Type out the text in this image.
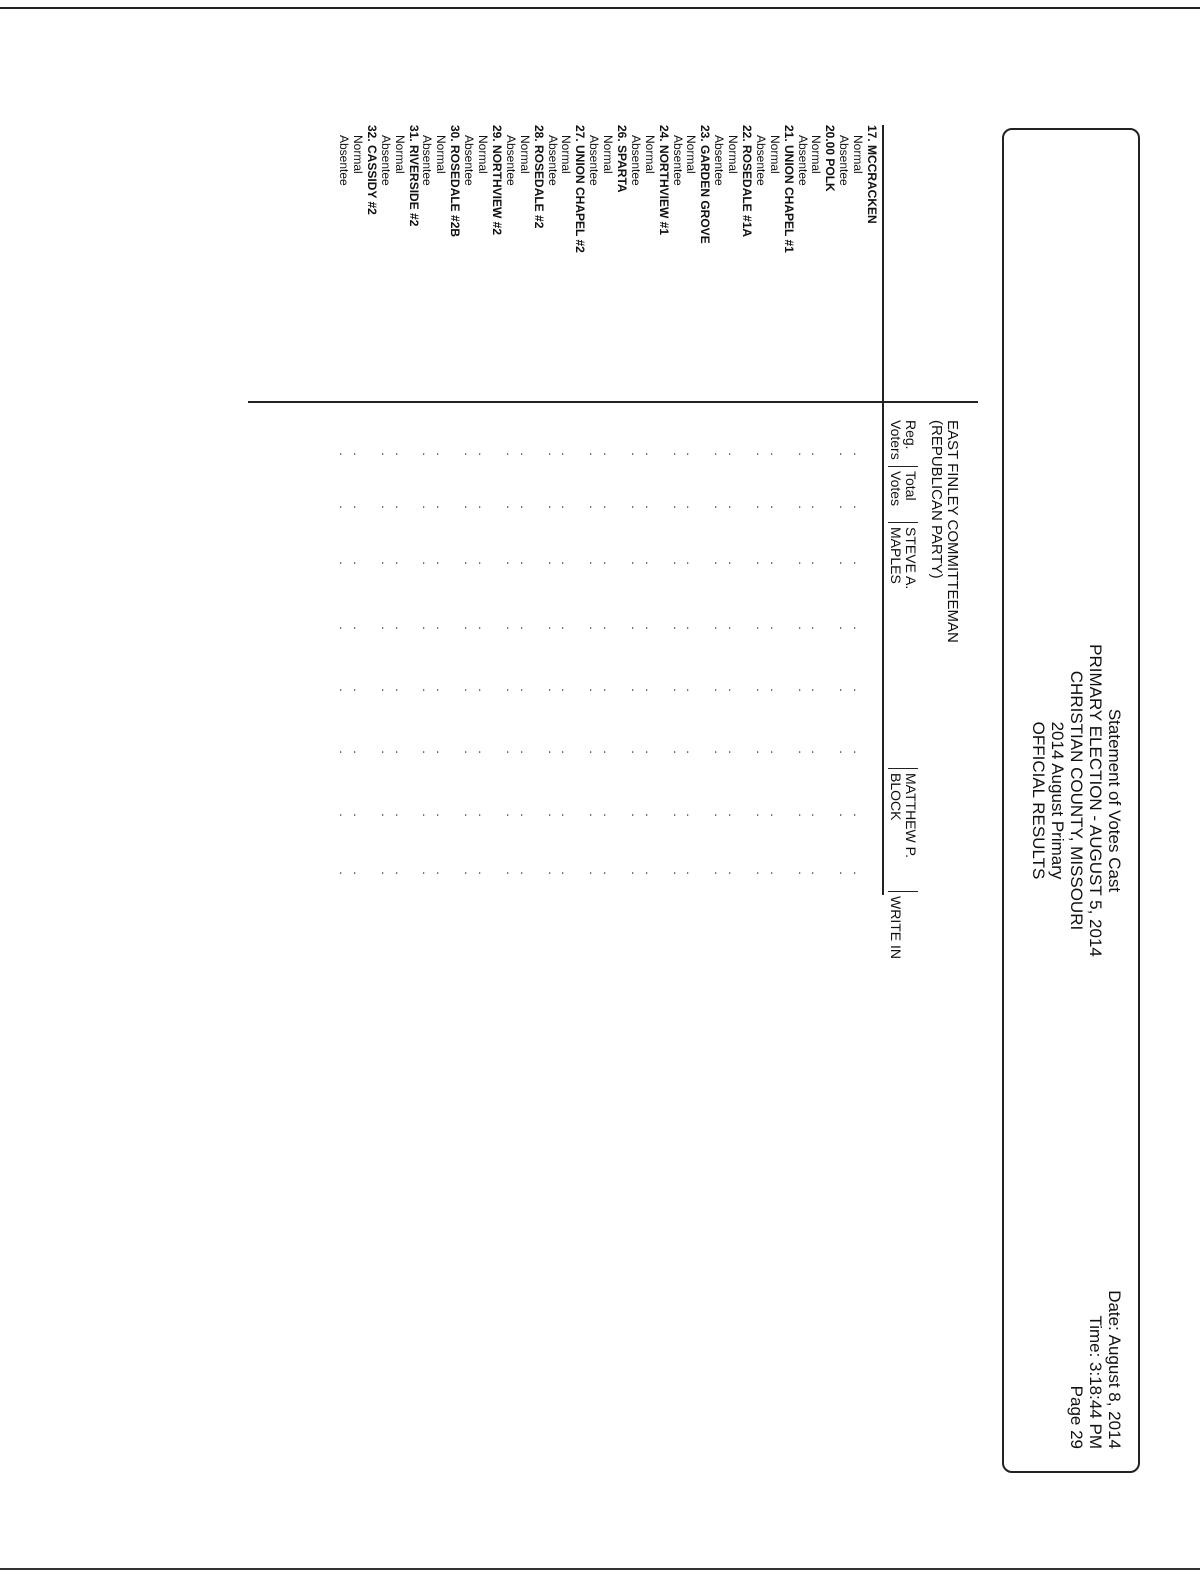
Statement of Votes Cast
PRIMARY ELECTION - AUGUST 5, 2014
CHRISTIAN COUNTY, MISSOURI
2014 August Primary
OFFICIAL RESULTS
Date: August 8, 2014
Time: 3:18:44 PM
Page 29
EAST FINLEY COMMITTEEMAN
(REPUBLICAN PARTY)
Reg.
Voters
Total
Votes
STEVE A.
MAPLES
MATTHEW P.
BLOCK
WRITE IN
17. MCCRACKEN
Normal
.
.
.
.
.
.
.
.
Absentee
.
.
.
.
.
.
.
.
20.00 POLK
Normal
.
.
.
.
.
.
.
.
Absentee
.
.
.
.
.
.
.
.
21. UNION CHAPEL #1
Normal
.
.
.
.
.
.
.
.
Absentee
.
.
.
.
.
.
.
.
22. ROSEDALE #1A
Normal
.
.
.
.
.
.
.
.
Absentee
.
.
.
.
.
.
.
.
23. GARDEN GROVE
Normal
.
.
.
.
.
.
.
.
Absentee
.
.
.
.
.
.
.
.
24. NORTHVIEW #1
Normal
.
.
.
.
.
.
.
.
Absentee
.
.
.
.
.
.
.
.
26. SPARTA
Normal
.
.
.
.
.
.
.
.
Absentee
.
.
.
.
.
.
.
.
27. UNION CHAPEL #2
Normal
.
.
.
.
.
.
.
.
Absentee
.
.
.
.
.
.
.
.
28. ROSEDALE #2
Normal
.
.
.
.
.
.
.
.
Absentee
.
.
.
.
.
.
.
.
29. NORTHVIEW #2
Normal
.
.
.
.
.
.
.
.
Absentee
.
.
.
.
.
.
.
.
30. ROSEDALE #2B
Normal
.
.
.
.
.
.
.
.
Absentee
.
.
.
.
.
.
.
.
31. RIVERSIDE #2
Normal
.
.
.
.
.
.
.
.
Absentee
.
.
.
.
.
.
.
.
32. CASSIDY #2
Normal
.
.
.
.
.
.
.
.
Absentee
.
.
.
.
.
.
.
.
